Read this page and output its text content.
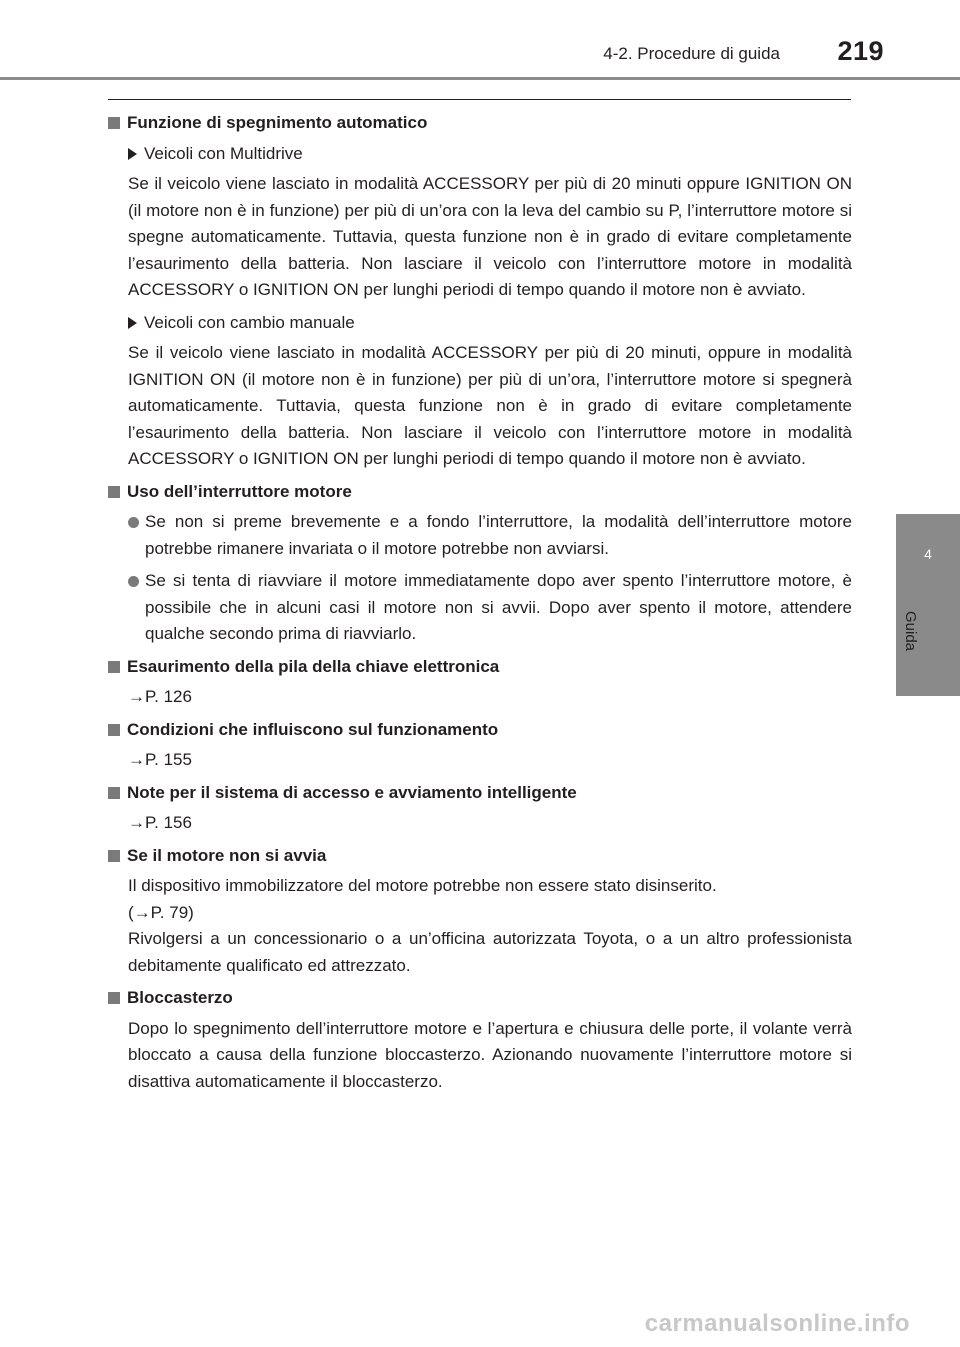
4-2. Procedure di guida 219
4
Guida
Funzione di spegnimento automatico
Veicoli con Multidrive
Se il veicolo viene lasciato in modalità ACCESSORY per più di 20 minuti oppure IGNITION ON (il motore non è in funzione) per più di un’ora con la leva del cambio su P, l’interruttore motore si spegne automaticamente. Tuttavia, questa funzione non è in grado di evitare completamente l’esaurimento della batteria. Non lasciare il veicolo con l’interruttore motore in modalità ACCESSORY o IGNITION ON per lunghi periodi di tempo quando il motore non è avviato.
Veicoli con cambio manuale
Se il veicolo viene lasciato in modalità ACCESSORY per più di 20 minuti, oppure in modalità IGNITION ON (il motore non è in funzione) per più di un’ora, l’interruttore motore si spegnerà automaticamente. Tuttavia, questa funzione non è in grado di evitare completamente l’esaurimento della batteria. Non lasciare il veicolo con l’interruttore motore in modalità ACCESSORY o IGNITION ON per lunghi periodi di tempo quando il motore non è avviato.
Uso dell’interruttore motore
Se non si preme brevemente e a fondo l’interruttore, la modalità dell’interruttore motore potrebbe rimanere invariata o il motore potrebbe non avviarsi.
Se si tenta di riavviare il motore immediatamente dopo aver spento l’interruttore motore, è possibile che in alcuni casi il motore non si avvii. Dopo aver spento il motore, attendere qualche secondo prima di riavviarlo.
Esaurimento della pila della chiave elettronica
→P. 126
Condizioni che influiscono sul funzionamento
→P. 155
Note per il sistema di accesso e avviamento intelligente
→P. 156
Se il motore non si avvia
Il dispositivo immobilizzatore del motore potrebbe non essere stato disinserito.
(→P. 79)
Rivolgersi a un concessionario o a un’officina autorizzata Toyota, o a un altro professionista debitamente qualificato ed attrezzato.
Bloccasterzo
Dopo lo spegnimento dell’interruttore motore e l’apertura e chiusura delle porte, il volante verrà bloccato a causa della funzione bloccasterzo. Azionando nuovamente l’interruttore motore si disattiva automaticamente il bloccasterzo.
carmanualsonline.info
